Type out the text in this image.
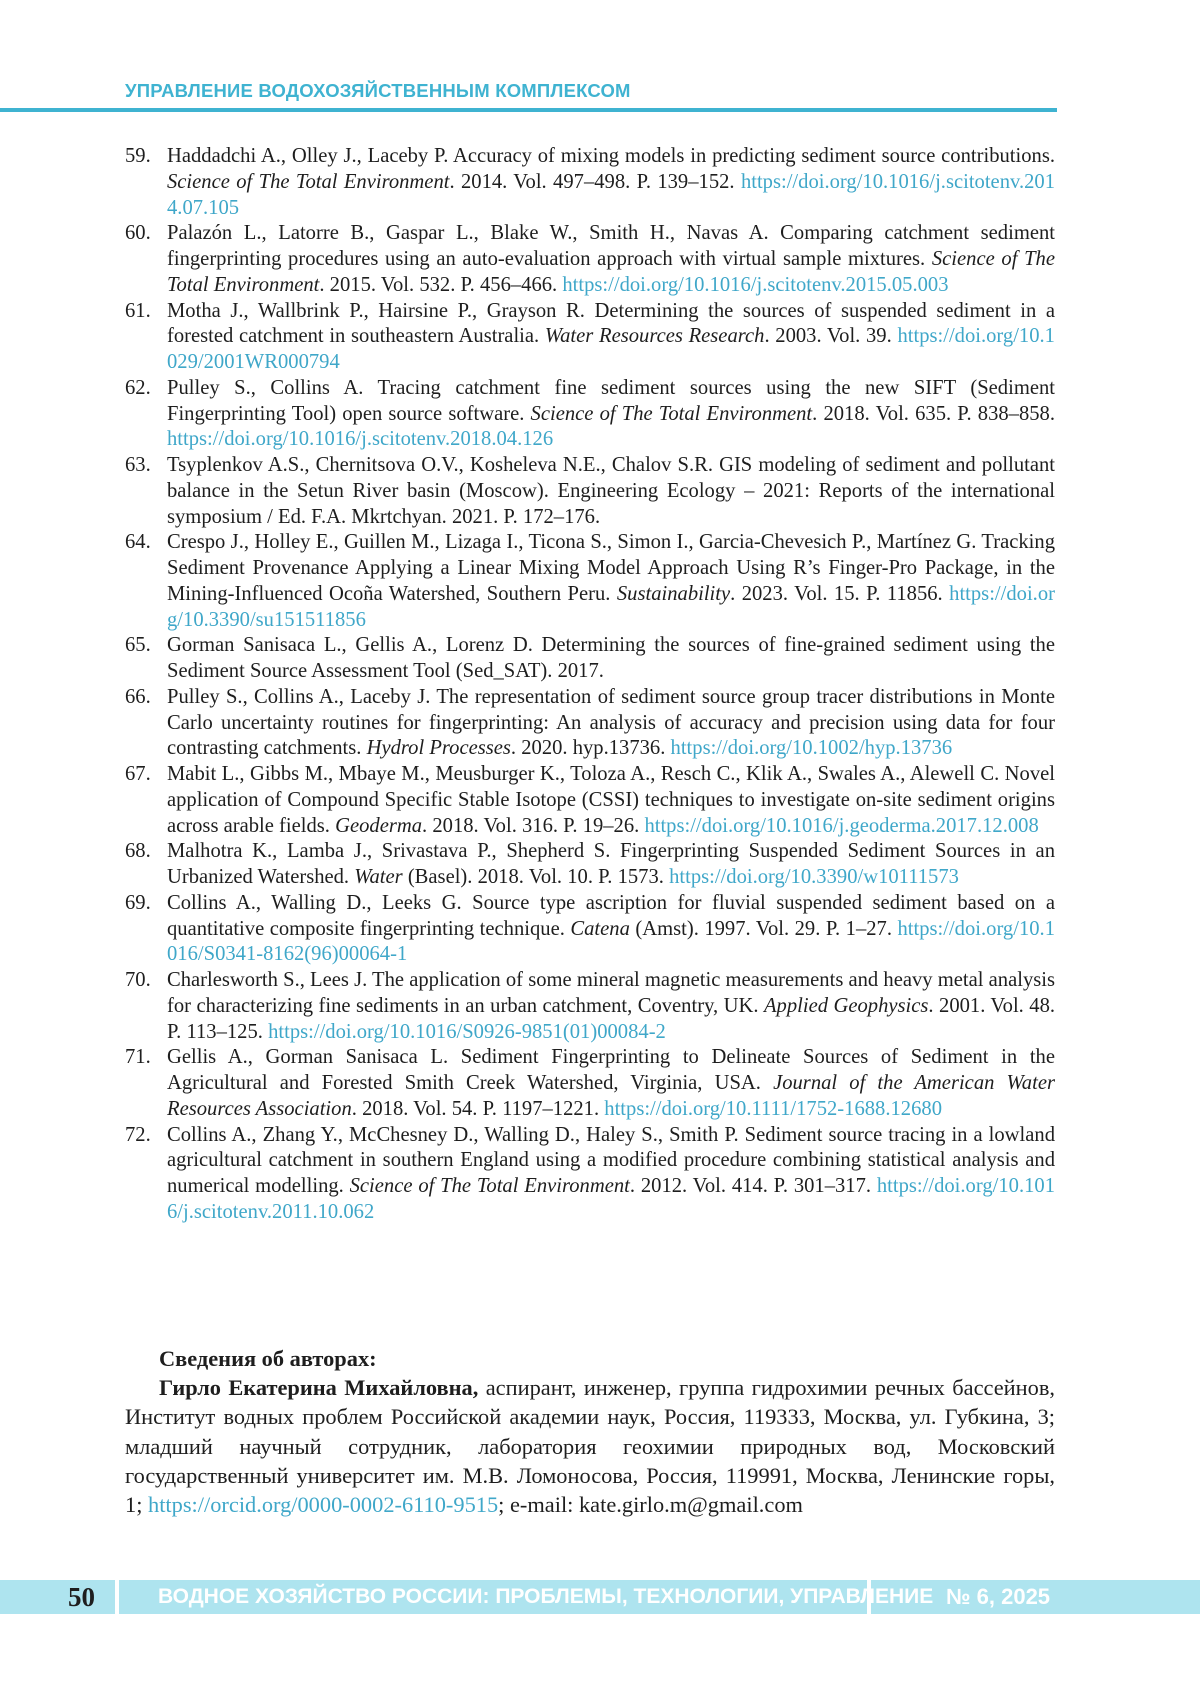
УПРАВЛЕНИЕ ВОДОХОЗЯЙСТВЕННЫМ КОМПЛЕКСОМ
59. Haddadchi A., Olley J., Laceby P. Accuracy of mixing models in predicting sediment source contributions. Science of The Total Environment. 2014. Vol. 497–498. P. 139–152. https://doi.org/10.1016/j.scitotenv.2014.07.105
60. Palazón L., Latorre B., Gaspar L., Blake W., Smith H., Navas A. Comparing catchment sediment fingerprinting procedures using an auto-evaluation approach with virtual sample mixtures. Science of The Total Environment. 2015. Vol. 532. P. 456–466. https://doi.org/10.1016/j.scitotenv.2015.05.003
61. Motha J., Wallbrink P., Hairsine P., Grayson R. Determining the sources of suspended sediment in a forested catchment in southeastern Australia. Water Resources Research. 2003. Vol. 39. https://doi.org/10.1029/2001WR000794
62. Pulley S., Collins A. Tracing catchment fine sediment sources using the new SIFT (Sediment Fingerprinting Tool) open source software. Science of The Total Environment. 2018. Vol. 635. P. 838–858. https://doi.org/10.1016/j.scitotenv.2018.04.126
63. Tsyplenkov A.S., Chernitsova O.V., Kosheleva N.E., Chalov S.R. GIS modeling of sediment and pollutant balance in the Setun River basin (Moscow). Engineering Ecology – 2021: Reports of the international symposium / Ed. F.A. Mkrtchyan. 2021. P. 172–176.
64. Crespo J., Holley E., Guillen M., Lizaga I., Ticona S., Simon I., Garcia-Chevesich P., Martínez G. Tracking Sediment Provenance Applying a Linear Mixing Model Approach Using R’s Finger-Pro Package, in the Mining-Influenced Ocoña Watershed, Southern Peru. Sustainability. 2023. Vol. 15. P. 11856. https://doi.org/10.3390/su151511856
65. Gorman Sanisaca L., Gellis A., Lorenz D. Determining the sources of fine-grained sediment using the Sediment Source Assessment Tool (Sed_SAT). 2017.
66. Pulley S., Collins A., Laceby J. The representation of sediment source group tracer distributions in Monte Carlo uncertainty routines for fingerprinting: An analysis of accuracy and precision using data for four contrasting catchments. Hydrol Processes. 2020. hyp.13736. https://doi.org/10.1002/hyp.13736
67. Mabit L., Gibbs M., Mbaye M., Meusburger K., Toloza A., Resch C., Klik A., Swales A., Alewell C. Novel application of Compound Specific Stable Isotope (CSSI) techniques to investigate on-site sediment origins across arable fields. Geoderma. 2018. Vol. 316. P. 19–26. https://doi.org/10.1016/j.geoderma.2017.12.008
68. Malhotra K., Lamba J., Srivastava P., Shepherd S. Fingerprinting Suspended Sediment Sources in an Urbanized Watershed. Water (Basel). 2018. Vol. 10. P. 1573. https://doi.org/10.3390/w10111573
69. Collins A., Walling D., Leeks G. Source type ascription for fluvial suspended sediment based on a quantitative composite fingerprinting technique. Catena (Amst). 1997. Vol. 29. P. 1–27. https://doi.org/10.1016/S0341-8162(96)00064-1
70. Charlesworth S., Lees J. The application of some mineral magnetic measurements and heavy metal analysis for characterizing fine sediments in an urban catchment, Coventry, UK. Applied Geophysics. 2001. Vol. 48. P. 113–125. https://doi.org/10.1016/S0926-9851(01)00084-2
71. Gellis A., Gorman Sanisaca L. Sediment Fingerprinting to Delineate Sources of Sediment in the Agricultural and Forested Smith Creek Watershed, Virginia, USA. Journal of the American Water Resources Association. 2018. Vol. 54. P. 1197–1221. https://doi.org/10.1111/1752-1688.12680
72. Collins A., Zhang Y., McChesney D., Walling D., Haley S., Smith P. Sediment source tracing in a lowland agricultural catchment in southern England using a modified procedure combining statistical analysis and numerical modelling. Science of The Total Environment. 2012. Vol. 414. P. 301–317. https://doi.org/10.1016/j.scitotenv.2011.10.062
Сведения об авторах:
Гирло Екатерина Михайловна, аспирант, инженер, группа гидрохимии речных бассейнов, Институт водных проблем Российской академии наук, Россия, 119333, Москва, ул. Губкина, 3; младший научный сотрудник, лаборатория геохимии природных вод, Московский государственный университет им. М.В. Ломоносова, Россия, 119991, Москва, Ленинские горы, 1; https://orcid.org/0000-0002-6110-9515; e-mail: kate.girlo.m@gmail.com
50	ВОДНОЕ ХОЗЯЙСТВО РОССИИ: ПРОБЛЕМЫ, ТЕХНОЛОГИИ, УПРАВЛЕНИЕ № 6, 2025
